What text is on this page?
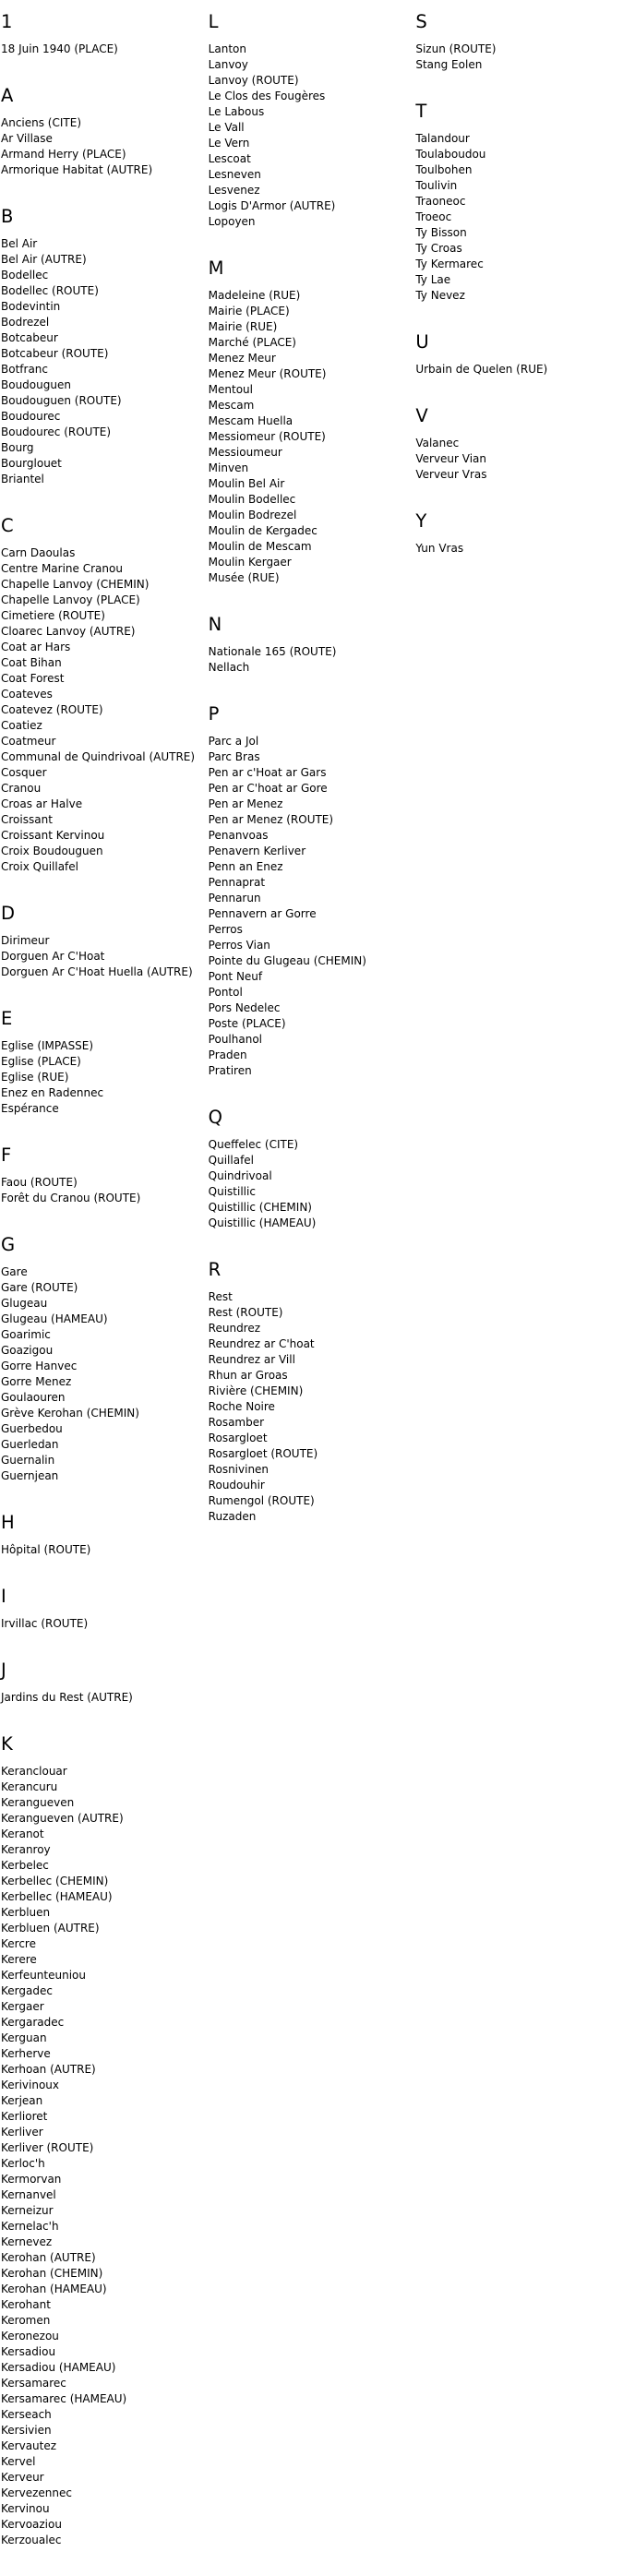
1
18 Juin 1940 (PLACE)
A
Anciens (CITE)
Ar Villase
Armand Herry (PLACE)
Armorique Habitat (AUTRE)
B
Bel Air
Bel Air (AUTRE)
Bodellec
Bodellec (ROUTE)
Bodevintin
Bodrezel
Botcabeur
Botcabeur (ROUTE)
Botfranc
Boudouguen
Boudouguen (ROUTE)
Boudourec
Boudourec (ROUTE)
Bourg
Bourglouet
Briantel
C
Carn Daoulas
Centre Marine Cranou
Chapelle Lanvoy (CHEMIN)
Chapelle Lanvoy (PLACE)
Cimetiere (ROUTE)
Cloarec Lanvoy (AUTRE)
Coat ar Hars
Coat Bihan
Coat Forest
Coateves
Coatevez (ROUTE)
Coatiez
Coatmeur
Communal de Quindrivoal (AUTRE)
Cosquer
Cranou
Croas ar Halve
Croissant
Croissant Kervinou
Croix Boudouguen
Croix Quillafel
D
Dirimeur
Dorguen Ar C'Hoat
Dorguen Ar C'Hoat Huella (AUTRE)
E
Eglise (IMPASSE)
Eglise (PLACE)
Eglise (RUE)
Enez en Radennec
Espérance
F
Faou (ROUTE)
Forêt du Cranou (ROUTE)
G
Gare
Gare (ROUTE)
Glugeau
Glugeau (HAMEAU)
Goarimic
Goazigou
Gorre Hanvec
Gorre Menez
Goulaouren
Grève Kerohan (CHEMIN)
Guerbedou
Guerledan
Guernalin
Guernjean
H
Hôpital (ROUTE)
I
Irvillac (ROUTE)
J
Jardins du Rest (AUTRE)
K
Keranclouar
Kerancuru
Kerangueven
Kerangueven (AUTRE)
Keranot
Keranroy
Kerbelec
Kerbellec (CHEMIN)
Kerbellec (HAMEAU)
Kerbluen
Kerbluen (AUTRE)
Kercre
Kerere
Kerfeunteuniou
Kergadec
Kergaer
Kergaradec
Kerguan
Kerherve
Kerhoan (AUTRE)
Kerivinoux
Kerjean
Kerlioret
Kerliver
Kerliver (ROUTE)
Kerloc'h
Kermorvan
Kernanvel
Kerneizur
Kernelac'h
Kernevez
Kerohan (AUTRE)
Kerohan (CHEMIN)
Kerohan (HAMEAU)
Kerohant
Keromen
Keronezou
Kersadiou
Kersadiou (HAMEAU)
Kersamarec
Kersamarec (HAMEAU)
Kerseach
Kersivien
Kervautez
Kervel
Kerveur
Kervezennec
Kervinou
Kervoaziou
Kerzoualec
L
Lanton
Lanvoy
Lanvoy (ROUTE)
Le Clos des Fougères
Le Labous
Le Vall
Le Vern
Lescoat
Lesneven
Lesvenez
Logis D'Armor (AUTRE)
Lopoyen
M
Madeleine (RUE)
Mairie (PLACE)
Mairie (RUE)
Marché (PLACE)
Menez Meur
Menez Meur (ROUTE)
Mentoul
Mescam
Mescam Huella
Messiomeur (ROUTE)
Messioumeur
Minven
Moulin Bel Air
Moulin Bodellec
Moulin Bodrezel
Moulin de Kergadec
Moulin de Mescam
Moulin Kergaer
Musée (RUE)
N
Nationale 165 (ROUTE)
Nellach
P
Parc a Jol
Parc Bras
Pen ar c'Hoat ar Gars
Pen ar C'hoat ar Gore
Pen ar Menez
Pen ar Menez (ROUTE)
Penanvoas
Penavern Kerliver
Penn an Enez
Pennaprat
Pennarun
Pennavern ar Gorre
Perros
Perros Vian
Pointe du Glugeau (CHEMIN)
Pont Neuf
Pontol
Pors Nedelec
Poste (PLACE)
Poulhanol
Praden
Pratiren
Q
Queffelec (CITE)
Quillafel
Quindrivoal
Quistillic
Quistillic (CHEMIN)
Quistillic (HAMEAU)
R
Rest
Rest (ROUTE)
Reundrez
Reundrez ar C'hoat
Reundrez ar Vill
Rhun ar Groas
Rivière (CHEMIN)
Roche Noire
Rosamber
Rosargloet
Rosargloet (ROUTE)
Rosnivinen
Roudouhir
Rumengol (ROUTE)
Ruzaden
S
Sizun (ROUTE)
Stang Eolen
T
Talandour
Toulaboudou
Toulbohen
Toulivin
Traoneoc
Troeoc
Ty Bisson
Ty Croas
Ty Kermarec
Ty Lae
Ty Nevez
U
Urbain de Quelen (RUE)
V
Valanec
Verveur Vian
Verveur Vras
Y
Yun Vras
